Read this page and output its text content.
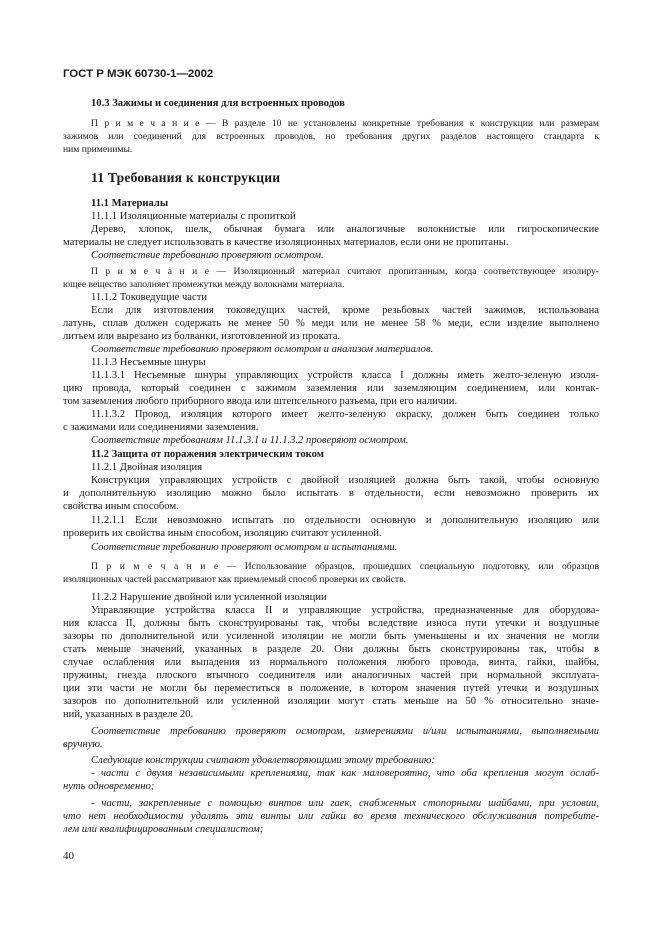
ГОСТ Р МЭК 60730-1—2002
11 Требования к конструкции
10.3 Зажимы и соединения для встроенных проводов
П р и м е ч а н и е — В разделе 10 не установлены конкретные требования к конструкции или размерам
зажимов или соединений для встроенных проводов, но требования других разделов настоящего стандарта к
ним применимы.
11.1 Материалы
11.1.1 Изоляционные материалы с пропиткой
Дерево, хлопок, шелк, обычная бумага или аналогичные волокнистые или гигроскопические
материалы не следует использовать в качестве изоляционных материалов, если они не пропитаны.
Соответствие требованию проверяют осмотром.
П р и м е ч а н и е — Изоляционный материал считают пропитанным, когда соответствующее изолиру-
ющее вещество заполняет промежутки между волокнами материала.
11.1.2 Токоведущие части
Если для изготовления токоведущих частей, кроме резьбовых частей зажимов, использована
латунь, сплав должен содержать не менее 50 % меди или не менее 58 % меди, если изделие выполнено
литьем или вырезано из болванки, изготовленной из проката.
Соответствие требованию проверяют осмотром и анализом материалов.
11.1.3 Несъемные шнуры
11.1.3.1 Несъемные шнуры управляющих устройств класса I должны иметь желто-зеленую изоля-
цию провода, который соединен с зажимом заземления или заземляющим соединением, или контак-
том заземления любого приборного ввода или штепсельного разъема, при его наличии.
11.1.3.2 Провод, изоляция которого имеет желто-зеленую окраску, должен быть соединен только
с зажимами или соединениями заземления.
Соответствие требованиям 11.1.3.1 и 11.1.3.2 проверяют осмотром.
11.2 Защита от поражения электрическим током
11.2.1 Двойная изоляция
Конструкция управляющих устройств с двойной изоляцией должна быть такой, чтобы основную
и дополнительную изоляцию можно было испытать в отдельности, если невозможно проверить их
свойства иным способом.
11.2.1.1 Если невозможно испытать по отдельности основную и дополнительную изоляцию или
проверить их свойства иным способом, изоляцию считают усиленной.
Соответствие требованию проверяют осмотром и испытаниями.
П р и м е ч а н и е — Использование образцов, прошедших специальную подготовку, или образцов
изоляционных частей рассматривают как приемлемый способ проверки их свойств.
11.2.2 Нарушение двойной или усиленной изоляции
Управляющие устройства класса II и управляющие устройства, предназначенные для оборудова-
ния класса II, должны быть сконструированы так, чтобы вследствие износа пути утечки и воздушные
зазоры по дополнительной или усиленной изоляции не могли быть уменьшены и их значения не могли
стать меньше значений, указанных в разделе 20. Они должны быть сконструированы так, чтобы в
случае ослабления или выпадения из нормального положения любого провода, винта, гайки, шайбы,
пружины, гнезда плоского втычного соединителя или аналогичных частей при нормальной эксплуата-
ции эти части не могли бы переместиться в положение, в котором значения путей утечки и воздушных
зазоров по дополнительной или усиленной изоляции могут стать меньше на 50 % относительно значе-
ний, указанных в разделе 20.
Соответствие требованию проверяют осмотром, измерениями и/или испытаниями, выполняемыми
вручную.
Следующие конструкции считают удовлетворяющими этому требованию:
- части с двумя независимыми креплениями, так как маловероятно, что оба крепления могут ослаб-
нуть одновременно;
- части, закрепленные с помощью винтов или гаек, снабженных стопорными шайбами, при условии,
что нет необходимости удалять эти винты или гайки во время технического обслуживания потребите-
лем или квалифицированным специалистом;
40
